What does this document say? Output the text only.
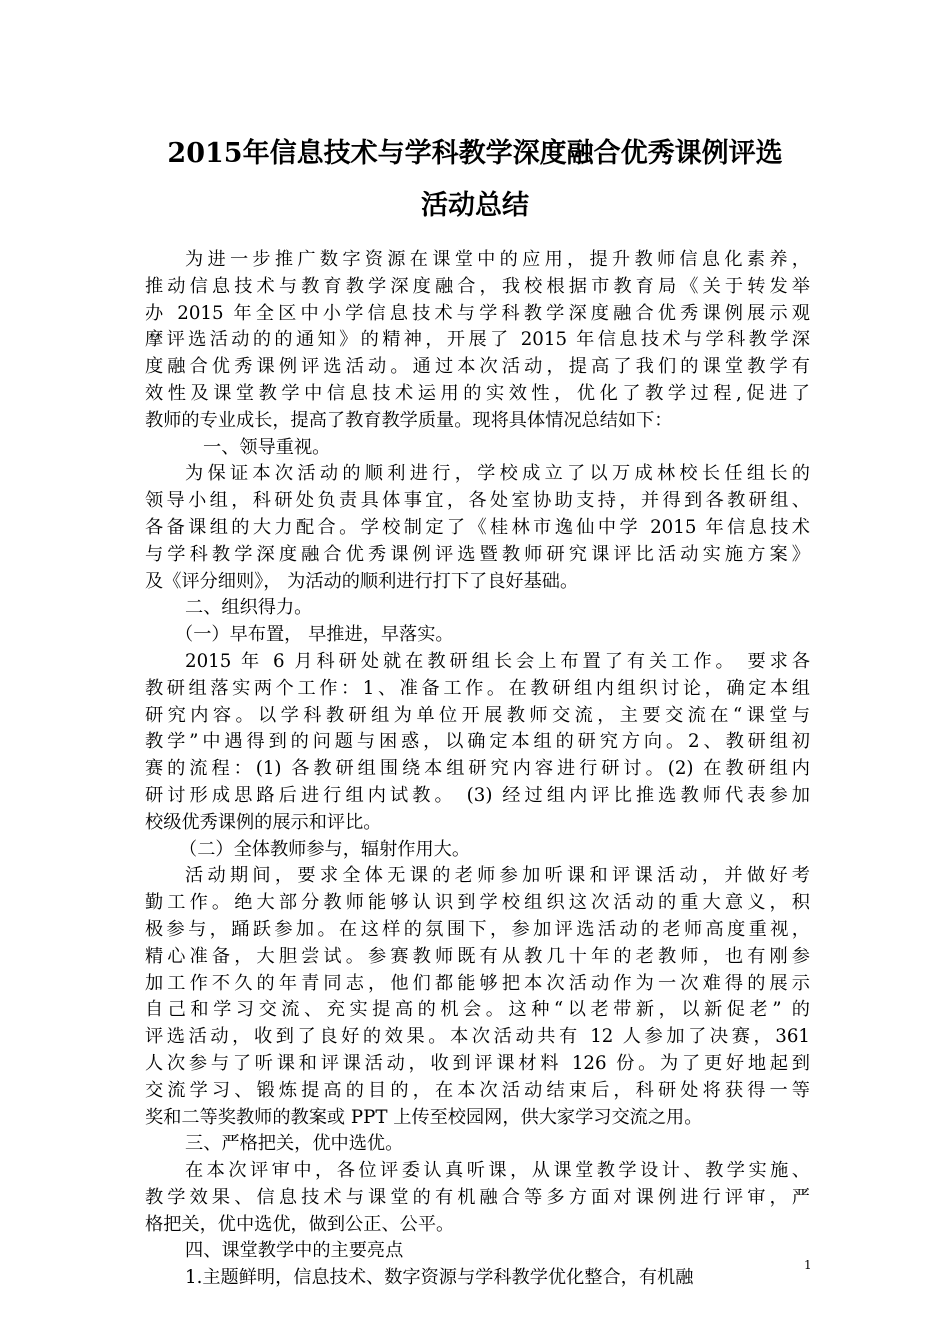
2015年信息技术与学科教学深度融合优秀课例评选
活动总结
为进一步推广数字资源在课堂中的应用，提升教师信息化素养，
推动信息技术与教育教学深度融合，我校根据市教育局《关于转发举
办 2015 年全区中小学信息技术与学科教学深度融合优秀课例展示观
摩评选活动的的通知》的精神，开展了 2015 年信息技术与学科教学深
度融合优秀课例评选活动。通过本次活动，提高了我们的课堂教学有
效性及课堂教学中信息技术运用的实效性，优化了教学过程,促进了
教师的专业成长，提高了教育教学质量。现将具体情况总结如下：
一、领导重视。
为保证本次活动的顺利进行，学校成立了以万成林校长任组长的
领导小组，科研处负责具体事宜，各处室协助支持，并得到各教研组、
各备课组的大力配合。学校制定了《桂林市逸仙中学 2015 年信息技术
与学科教学深度融合优秀课例评选暨教师研究课评比活动实施方案》
及《评分细则》， 为活动的顺利进行打下了良好基础。
二、组织得力。
（一）早布置， 早推进，早落实。
2015 年 6 月科研处就在教研组长会上布置了有关工作。 要求各
教研组落实两个工作：1、准备工作。在教研组内组织讨论，确定本组
研究内容。以学科教研组为单位开展教师交流，主要交流在“课堂与
教学”中遇得到的问题与困惑，以确定本组的研究方向。2、教研组初
赛的流程：(1) 各教研组围绕本组研究内容进行研讨。(2) 在教研组内
研讨形成思路后进行组内试教。 (3) 经过组内评比推选教师代表参加
校级优秀课例的展示和评比。
（二）全体教师参与，辐射作用大。
活动期间，要求全体无课的老师参加听课和评课活动，并做好考
勤工作。绝大部分教师能够认识到学校组织这次活动的重大意义，积
极参与，踊跃参加。在这样的氛围下，参加评选活动的老师高度重视，
精心准备，大胆尝试。参赛教师既有从教几十年的老教师，也有刚参
加工作不久的年青同志，他们都能够把本次活动作为一次难得的展示
自己和学习交流、充实提高的机会。这种“以老带新，以新促老” 的
评选活动，收到了良好的效果。本次活动共有 12 人参加了决赛，361
人次参与了听课和评课活动，收到评课材料 126 份。为了更好地起到
交流学习、锻炼提高的目的，在本次活动结束后，科研处将获得一等
奖和二等奖教师的教案或 PPT 上传至校园网，供大家学习交流之用。
三、严格把关，优中选优。
在本次评审中，各位评委认真听课，从课堂教学设计、教学实施、
教学效果、信息技术与课堂的有机融合等多方面对课例进行评审，严
格把关，优中选优，做到公正、公平。
四、课堂教学中的主要亮点
1.主题鲜明，信息技术、数字资源与学科教学优化整合，有机融
1
